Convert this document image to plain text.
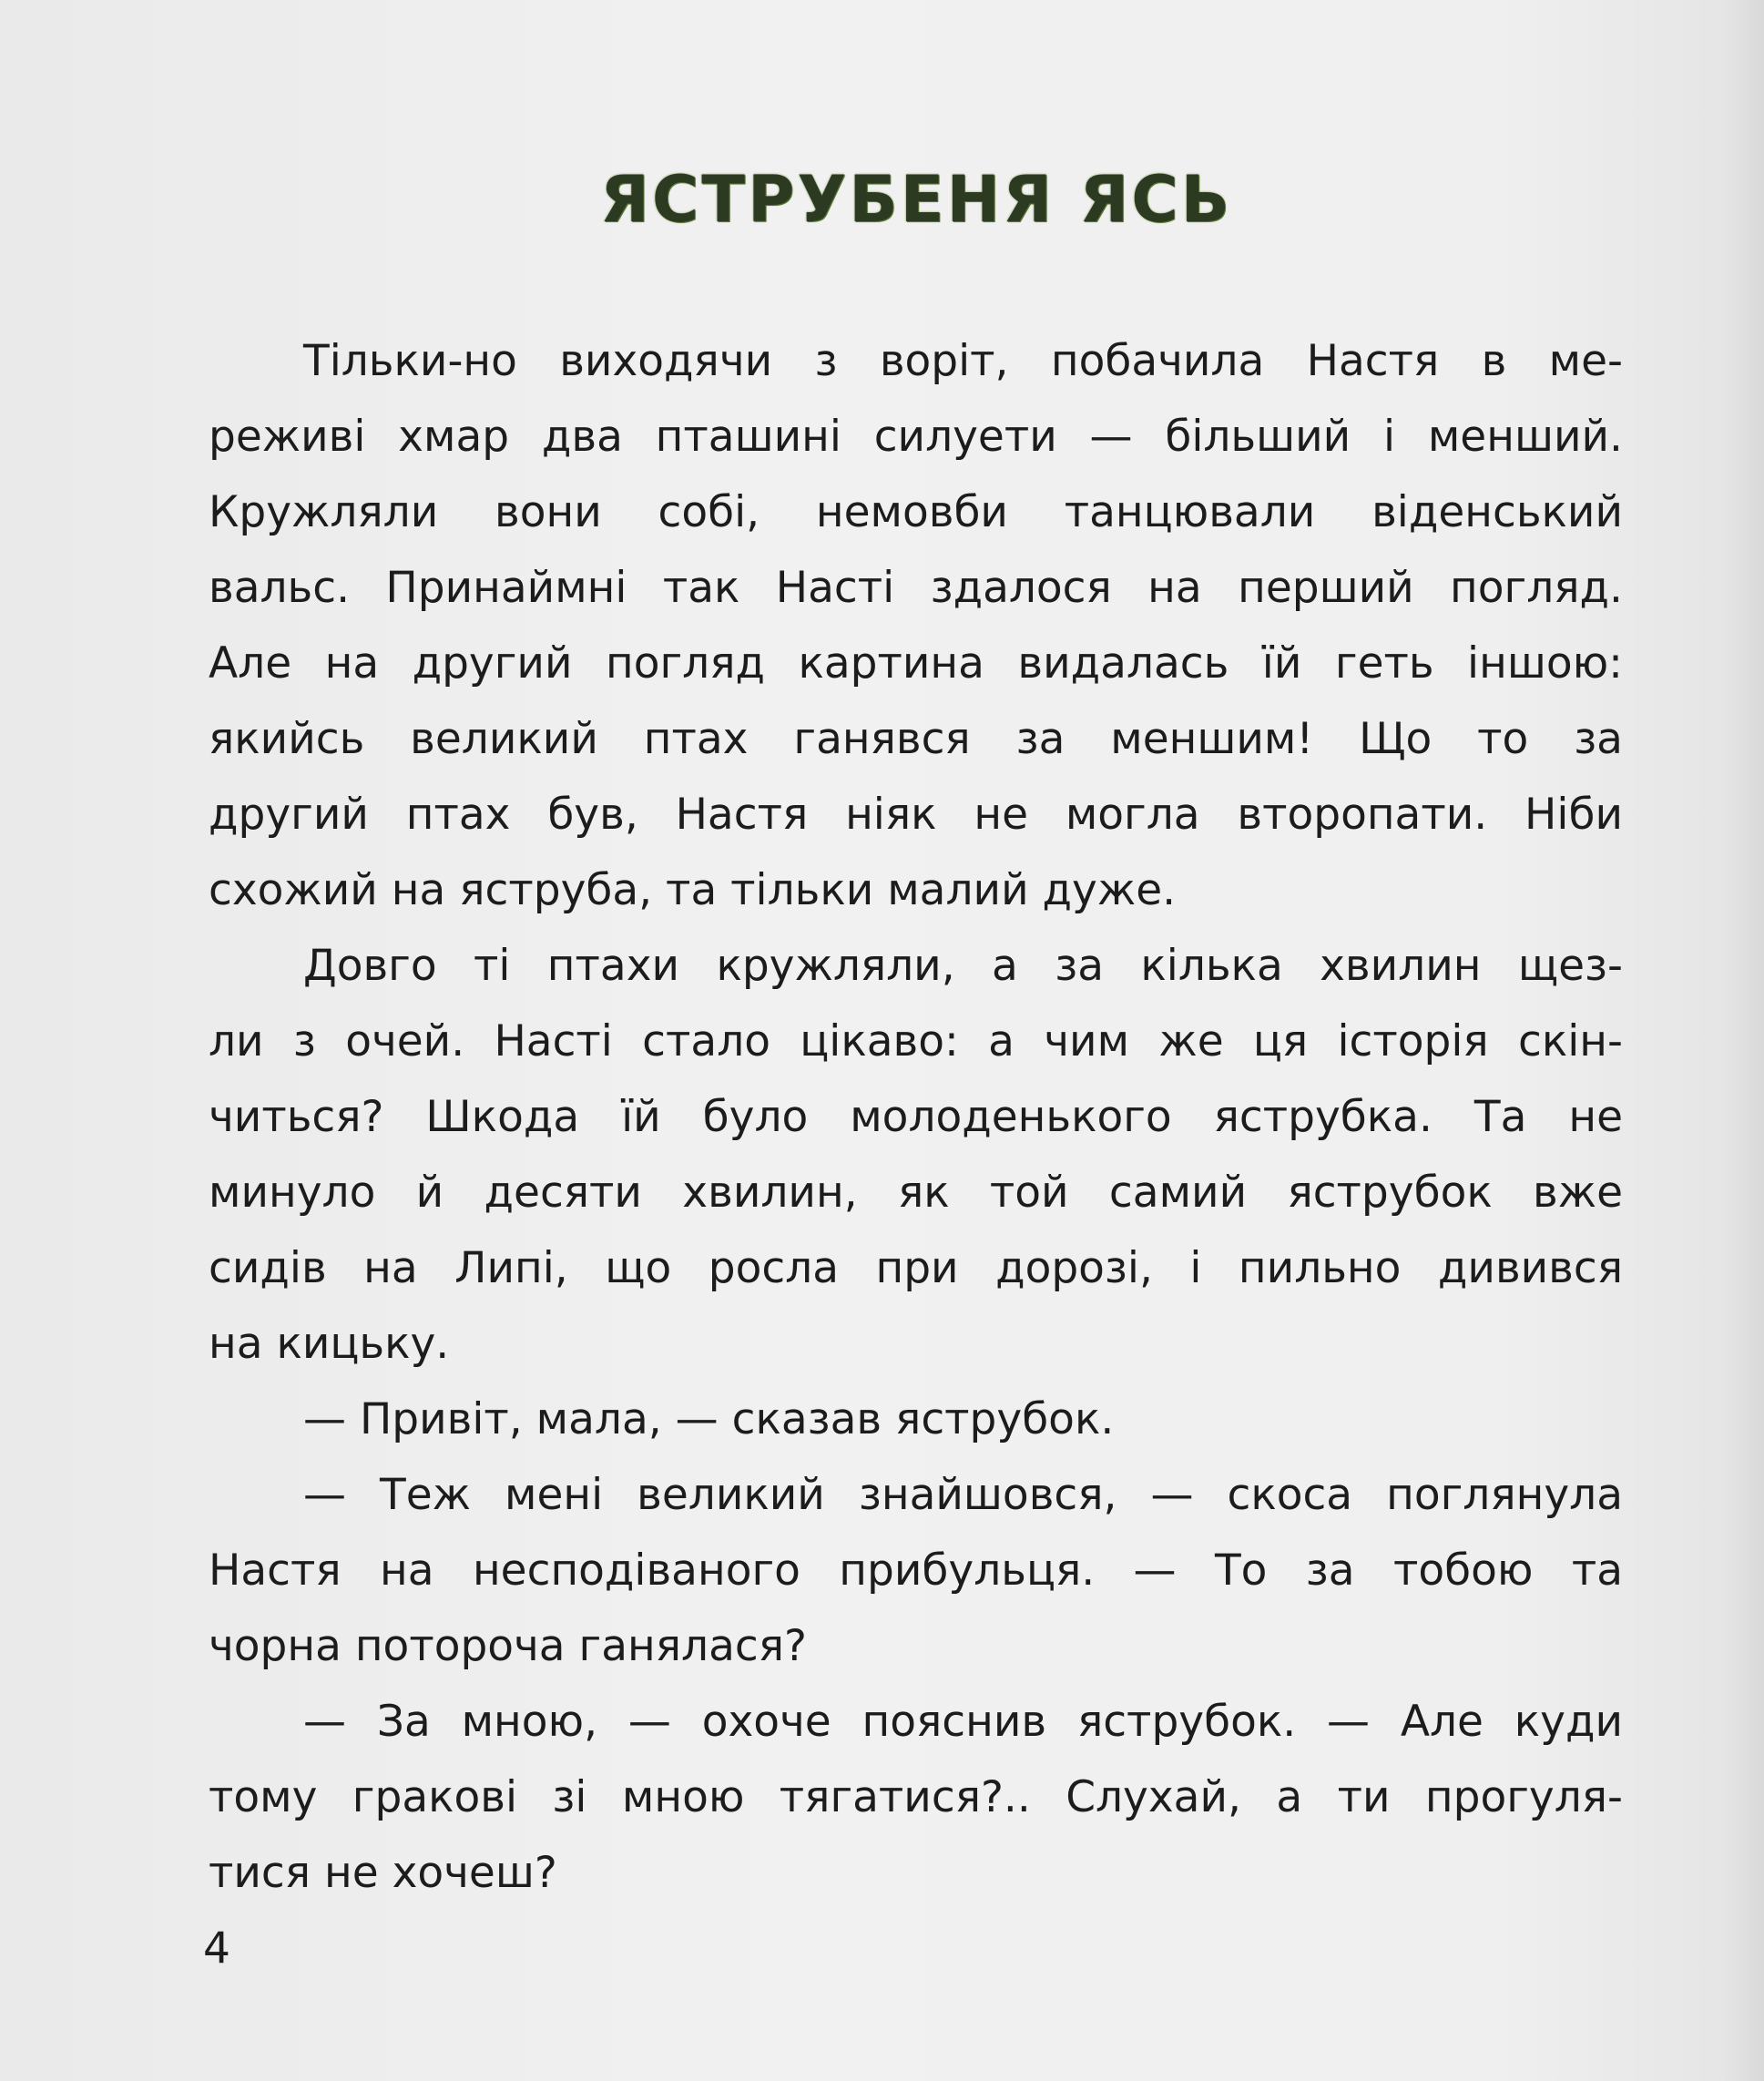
ЯСТРУБЕНЯ ЯСЬ
Тільки-но виходячи з воріт, побачила Настя в ме-
реживі хмар два пташині силуети — більший і менший.
Кружляли вони собі, немовби танцювали віденський
вальс. Принаймні так Насті здалося на перший погляд.
Але на другий погляд картина видалась їй геть іншою:
якийсь великий птах ганявся за меншим! Що то за
другий птах був, Настя ніяк не могла второпати. Ніби
схожий на яструба, та тільки малий дуже.
Довго ті птахи кружляли, а за кілька хвилин щез-
ли з очей. Насті стало цікаво: а чим же ця історія скін-
читься? Шкода їй було молоденького яструбка. Та не
минуло й десяти хвилин, як той самий яструбок вже
сидів на Липі, що росла при дорозі, і пильно дивився
на кицьку.
— Привіт, мала, — сказав яструбок.
— Теж мені великий знайшовся, — скоса поглянула
Настя на несподіваного прибульця. — То за тобою та
чорна потороча ганялася?
— За мною, — охоче пояснив яструбок. — Але куди
тому гракові зі мною тягатися?.. Слухай, а ти прогуля-
тися не хочеш?
4
